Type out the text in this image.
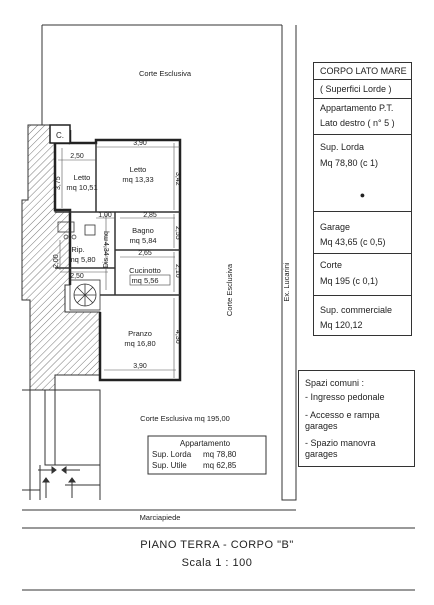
C.
3,90
2,50
3,42
3,75
1,00	2,85
4,34
2,55
2,00
2,50
2,65
2,10
4,30
3,90
Letto
mq 10,51
Letto
mq 13,33
Bagno
mq 5,84
Dis.
mq
Rip.
mq 5,80
Cucinotto
mq 5,56
Pranzo
mq 16,80
Corte Esclusiva
Corte Esclusiva
Corte Esclusiva mq 195,00
Ex. Lucarini
Marciapiede
Appartamento
Sup. Lorda mq 78,80
Sup. Utile mq 62,85
CORPO LATO MARE
( Superfici Lorde )
Appartamento P.T.
Lato destro ( n° 5 )
Sup. Lorda
Mq 78,80 (c 1)
●
Garage
Mq 43,65 (c 0,5)
Corte
Mq 195 (c 0,1)
Sup. commerciale
Mq 120,12
Spazi comuni :
- Ingresso pedonale
- Accesso e rampa
garages
- Spazio manovra
garages
PIANO TERRA - CORPO "B"
Scala 1 : 100
